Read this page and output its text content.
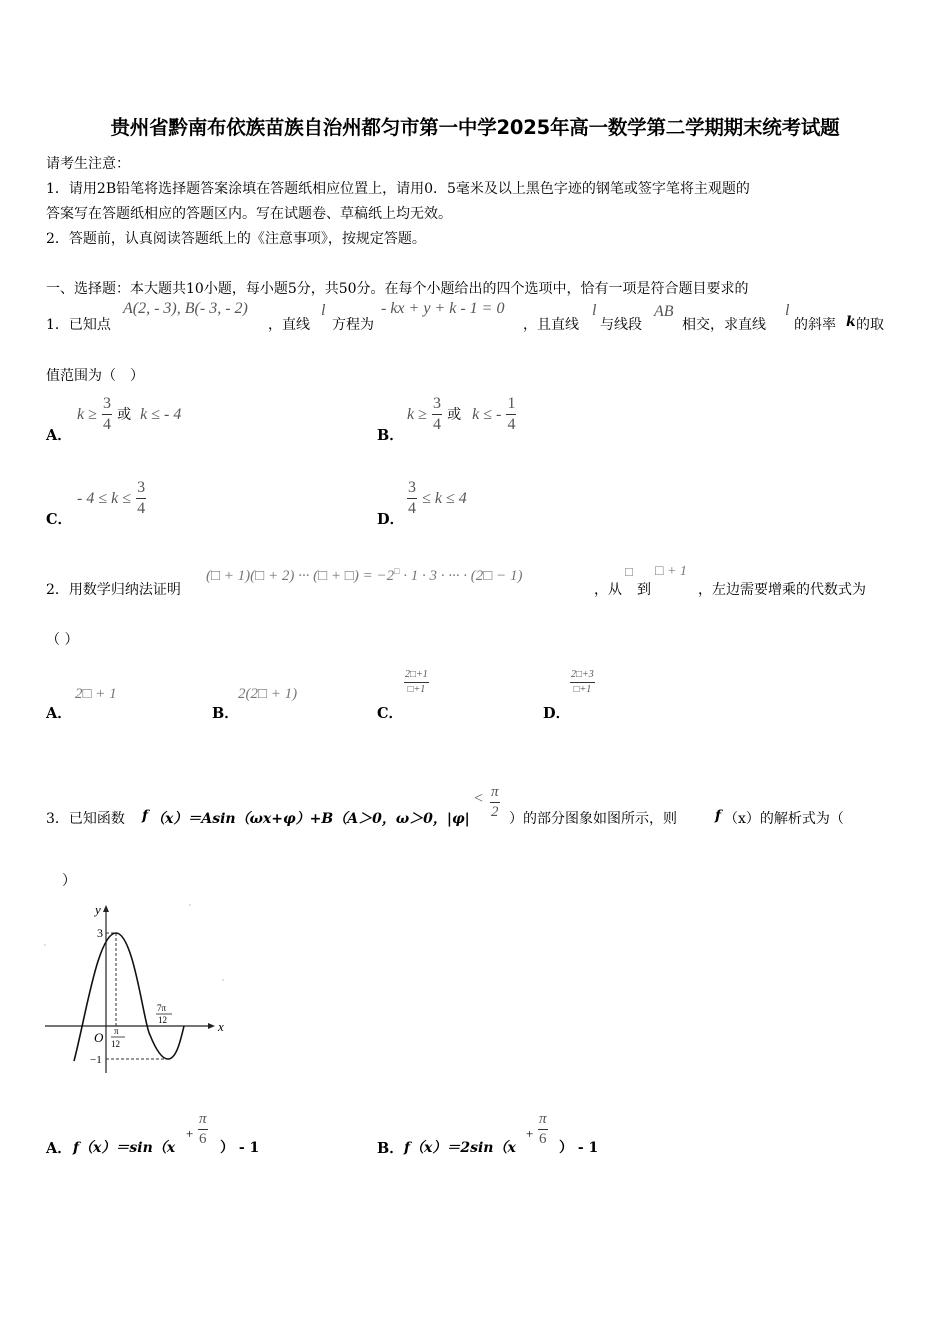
贵州省黔南布依族苗族自治州都匀市第一中学2025年高一数学第二学期期末统考试题
请考生注意：
1．请用2B铅笔将选择题答案涂填在答题纸相应位置上，请用0．5毫米及以上黑色字迹的钢笔或签字笔将主观题的
答案写在答题纸相应的答题区内。写在试题卷、草稿纸上均无效。
2．答题前，认真阅读答题纸上的《注意事项》，按规定答题。
一、选择题：本大题共10小题，每小题5分，共50分。在每个小题给出的四个选项中，恰有一项是符合题目要求的
1．已知点
A(2, - 3), B(- 3, - 2)
，直线
l
方程为
- kx + y + k - 1 = 0
，且直线
l
与线段
AB
相交，求直线
l
的斜率 k 的取
值范围为（　）
A．
$k \ge \frac{3}{4}$ 或 k ≤ - 4
B．
$k \ge \frac{3}{4}$ 或 k ≤ - $\frac{1}{4}$
C．
- $4 \le k \le \frac{3}{4}$
D．
$\frac{3}{4} \le k \le 4$
2．用数学归纳法证明
(□ + 1)(□ + 2) ··· (□ + □) = −2□ · 1 · 3 · ··· · (2□ − 1)
，从
□
到
□ + 1
，左边需要增乘的代数式为
（ ）
A．
2□ + 1
B．
2(2□ + 1)
C．
$\frac{2□+1}{□+1}$
D．
$\frac{2□+3}{□+1}$
3．已知函数 f （x）＝Asin（ωx+φ）+B（A＞0，ω＞0，|φ|
< $\frac{\pi}{2}$ ）的部分图象如图所示，则	f （x）的解析式为（
）
y
x
3
−1
O π
12
7π
12
A． f（x）＝sin（x
+ $\frac{\pi}{6}$
） - 1	B． f（x）＝2sin（x
+ $\frac{\pi}{6}$
） - 1
